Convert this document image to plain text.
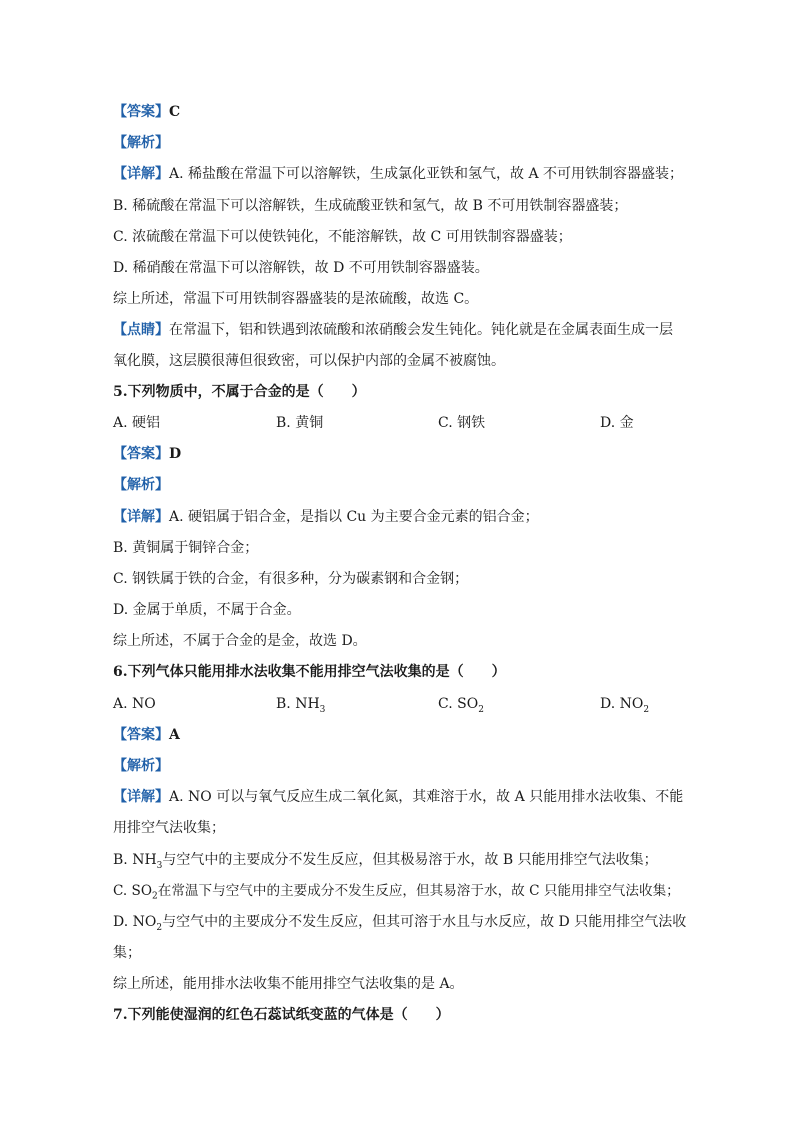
【答案】C
【解析】
【详解】A. 稀盐酸在常温下可以溶解铁，生成氯化亚铁和氢气，故 A 不可用铁制容器盛装；
B. 稀硫酸在常温下可以溶解铁，生成硫酸亚铁和氢气，故 B 不可用铁制容器盛装；
C. 浓硫酸在常温下可以使铁钝化，不能溶解铁，故 C 可用铁制容器盛装；
D. 稀硝酸在常温下可以溶解铁，故 D 不可用铁制容器盛装。
综上所述，常温下可用铁制容器盛装的是浓硫酸，故选 C。
【点睛】在常温下，铝和铁遇到浓硫酸和浓硝酸会发生钝化。钝化就是在金属表面生成一层
氧化膜，这层膜很薄但很致密，可以保护内部的金属不被腐蚀。
5.下列物质中，不属于合金的是（　　）
A. 硬铝	B. 黄铜	C. 钢铁	D. 金
【答案】D
【解析】
【详解】A. 硬铝属于铝合金，是指以 Cu 为主要合金元素的铝合金；
B. 黄铜属于铜锌合金；
C. 钢铁属于铁的合金，有很多种，分为碳素钢和合金钢；
D. 金属于单质，不属于合金。
综上所述，不属于合金的是金，故选 D。
6.下列气体只能用排水法收集不能用排空气法收集的是（　　）
A. NO	B. $NH_3$	C. $SO_2$	D. $NO_2$
【答案】A
【解析】
【详解】A. NO 可以与氧气反应生成二氧化氮，其难溶于水，故 A 只能用排水法收集、不能
用排空气法收集；
B. $NH_3$与空气中的主要成分不发生反应，但其极易溶于水，故 B 只能用排空气法收集；
C. $SO_2$在常温下与空气中的主要成分不发生反应，但其易溶于水，故 C 只能用排空气法收集；
D. $NO_2$与空气中的主要成分不发生反应，但其可溶于水且与水反应，故 D 只能用排空气法收
集；
综上所述，能用排水法收集不能用排空气法收集的是 A。
7.下列能使湿润的红色石蕊试纸变蓝的气体是（　　）
